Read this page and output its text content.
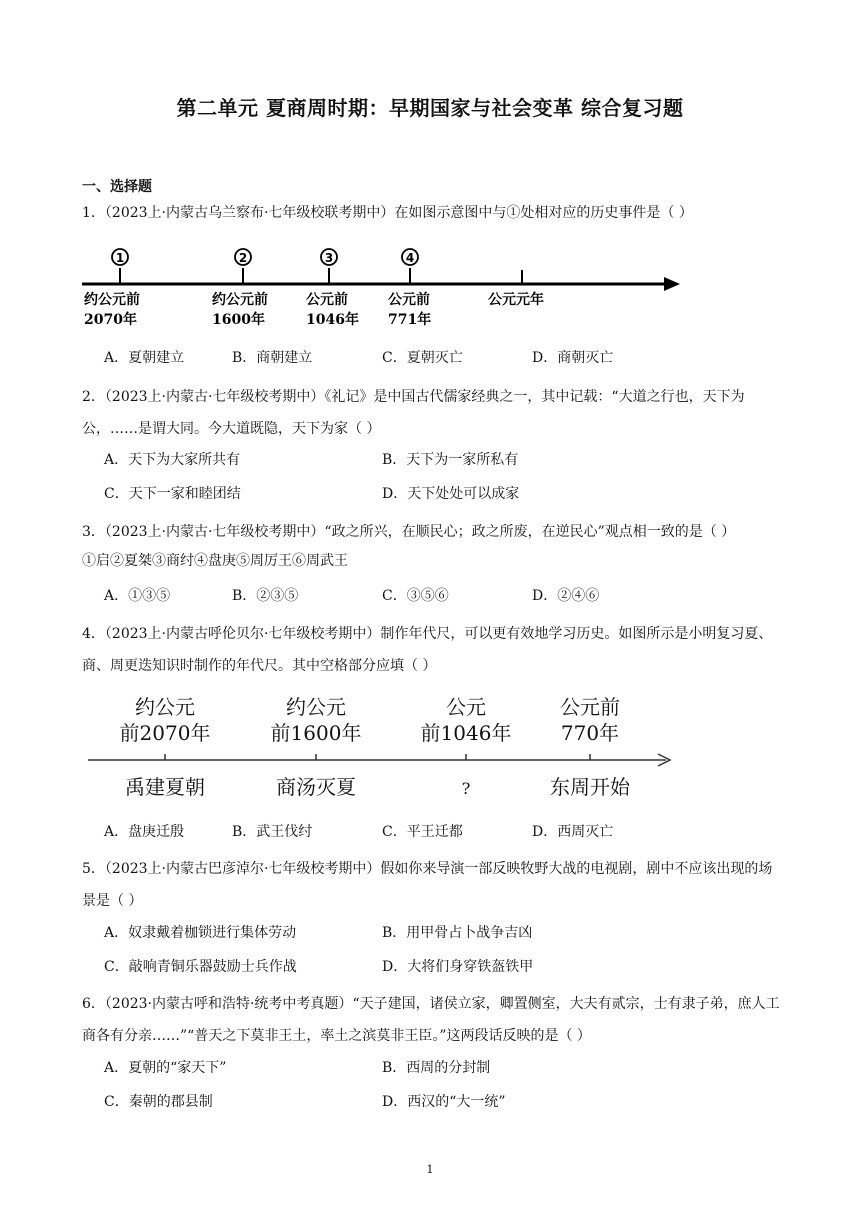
第二单元 夏商周时期：早期国家与社会变革 综合复习题
一、选择题
1．（2023上·内蒙古乌兰察布·七年级校联考期中）在如图示意图中与①处相对应的历史事件是（ ）
1	2	3	4
约公元前
2070年
约公元前
1600年
公元前
1046年
公元前
771年
公元元年
A．夏朝建立	B．商朝建立	C．夏朝灭亡	D．商朝灭亡
2．（2023上·内蒙古·七年级校考期中）《礼记》是中国古代儒家经典之一，其中记载：“大道之行也，天下为公，……是谓大同。今大道既隐，天下为家（ ）
A．天下为大家所共有	B．天下为一家所私有
C．天下一家和睦团结	D．天下处处可以成家
3．（2023上·内蒙古·七年级校考期中）“政之所兴，在顺民心；政之所废，在逆民心”观点相一致的是（ ）
①启②夏桀③商纣④盘庚⑤周厉王⑥周武王
A．①③⑤	B．②③⑤	C．③⑤⑥	D．②④⑥
4．（2023上·内蒙古呼伦贝尔·七年级校考期中）制作年代尺，可以更有效地学习历史。如图所示是小明复习夏、商、周更迭知识时制作的年代尺。其中空格部分应填（ ）
约公元
前2070年
约公元
前1600年
公元
前1046年
公元前
770年
禹建夏朝	商汤灭夏	?	东周开始
A．盘庚迁殷	B．武王伐纣	C．平王迁都	D．西周灭亡
5．（2023上·内蒙古巴彦淖尔·七年级校考期中）假如你来导演一部反映牧野大战的电视剧，剧中不应该出现的场景是（ ）
A．奴隶戴着枷锁进行集体劳动	B．用甲骨占卜战争吉凶
C．敲响青铜乐器鼓励士兵作战	D．大将们身穿铁盔铁甲
6．（2023·内蒙古呼和浩特·统考中考真题）“天子建国，诸侯立家，卿置侧室，大夫有贰宗，士有隶子弟，庶人工商各有分亲……”“普天之下莫非王土，率土之滨莫非王臣。”这两段话反映的是（ ）
A．夏朝的“家天下”	B．西周的分封制
C．秦朝的郡县制	D．西汉的“大一统”
1
